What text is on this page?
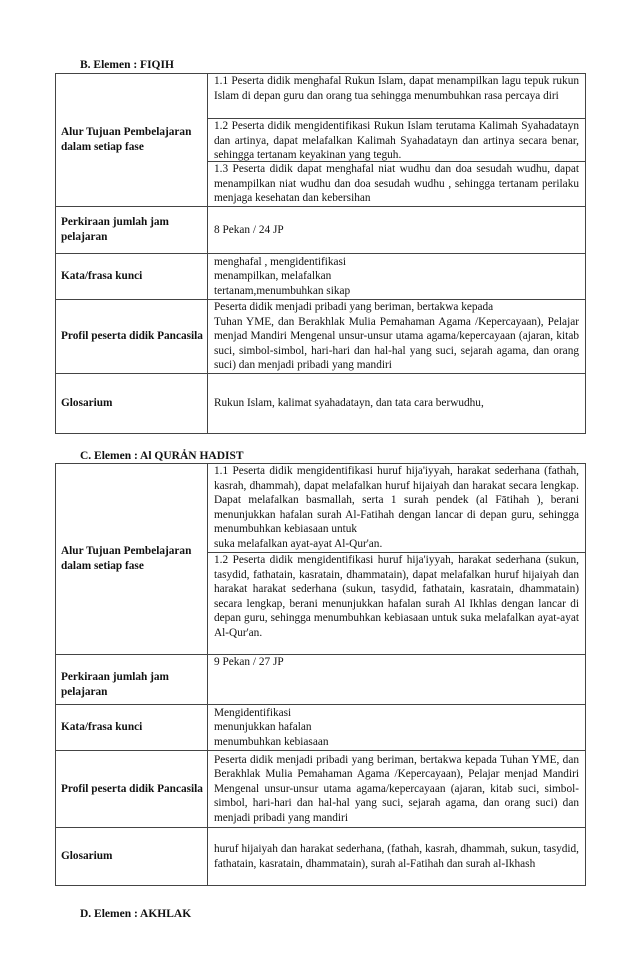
B. Elemen : FIQIH
Alur Tujuan Pembelajaran dalam setiap fase	1.1 Peserta didik menghafal Rukun Islam, dapat menampilkan lagu tepuk rukun Islam di depan guru dan orang tua sehingga menumbuhkan rasa percaya diri
1.2 Peserta didik mengidentifikasi Rukun Islam terutama Kalimah Syahadatayn dan artinya, dapat melafalkan Kalimah Syahadatayn dan artinya secara benar, sehingga tertanam keyakinan yang teguh.
1.3 Peserta didik dapat menghafal niat wudhu dan doa sesudah wudhu, dapat menampilkan niat wudhu dan doa sesudah wudhu , sehingga tertanam perilaku menjaga kesehatan dan kebersihan

Perkiraan jumlah jam pelajaran	8 Pekan / 24 JP
Kata/frasa kunci	menghafal , mengidentifikasi
menampilkan, melafalkan
tertanam,menumbuhkan sikap

Profil peserta didik Pancasila	Peserta didik menjadi pribadi yang beriman, bertakwa kepada
Tuhan YME, dan Berakhlak Mulia Pemahaman Agama /Kepercayaan), Pelajar menjad Mandiri Mengenal unsur-unsur utama agama/kepercayaan (ajaran, kitab suci, simbol-simbol, hari-hari dan hal-hal yang suci, sejarah agama, dan orang suci) dan menjadi pribadi yang mandiri

Glosarium	Rukun Islam, kalimat syahadatayn, dan tata cara berwudhu,
C. Elemen : Al QURẢN HADIST
Alur Tujuan Pembelajaran dalam setiap fase	1.1 Peserta didik mengidentifikasi huruf hija'iyyah, harakat sederhana (fathah, kasrah, dhammah), dapat melafalkan huruf hijaiyah dan harakat secara lengkap. Dapat melafalkan basmallah, serta 1 surah pendek (al Fātihah ), berani menunjukkan hafalan surah Al-Fatihah dengan lancar di depan guru, sehingga menumbuhkan kebiasaan untuk
suka melafalkan ayat-ayat Al-Qur'an.
1.2 Peserta didik mengidentifikasi huruf hija'iyyah, harakat sederhana (sukun, tasydid, fathatain, kasratain, dhammatain), dapat melafalkan huruf hijaiyah dan harakat harakat sederhana (sukun, tasydid, fathatain, kasratain, dhammatain) secara lengkap, berani menunjukkan hafalan surah Al Ikhlas dengan lancar di depan guru, sehingga menumbuhkan kebiasaan untuk suka melafalkan ayat-ayat Al-Qur'an.

Perkiraan jumlah jam pelajaran	9 Pekan / 27 JP
Kata/frasa kunci	Mengidentifikasi
menunjukkan hafalan
menumbuhkan kebiasaan

Profil peserta didik Pancasila	Peserta didik menjadi pribadi yang beriman, bertakwa kepada Tuhan YME, dan Berakhlak Mulia Pemahaman Agama /Kepercayaan), Pelajar menjad Mandiri Mengenal unsur-unsur utama agama/kepercayaan (ajaran, kitab suci, simbol-simbol, hari-hari dan hal-hal yang suci, sejarah agama, dan orang suci) dan menjadi pribadi yang mandiri
Glosarium	huruf hijaiyah dan harakat sederhana, (fathah, kasrah, dhammah, sukun, tasydid, fathatain, kasratain, dhammatain), surah al-Fatihah dan surah al-Ikhash
D. Elemen : AKHLAK
